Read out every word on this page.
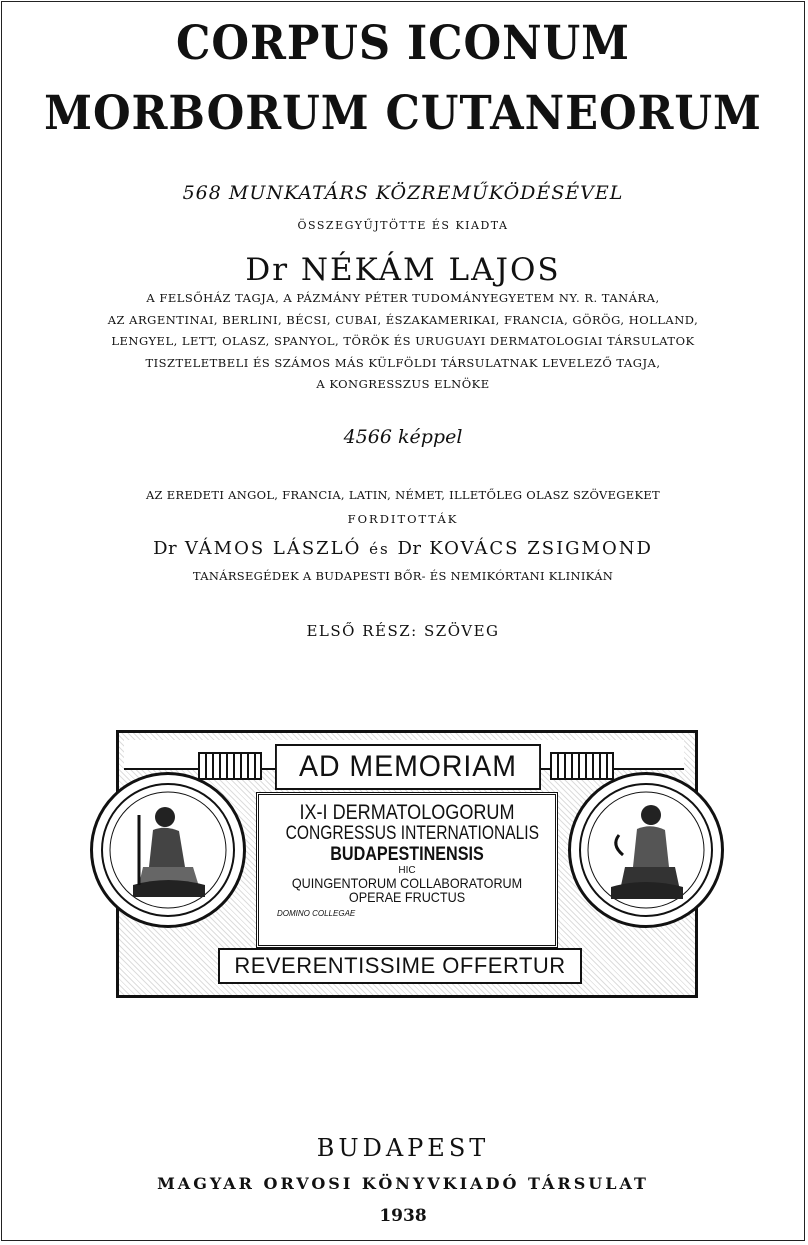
CORPUS ICONUM
MORBORUM CUTANEORUM
568 MUNKATÁRS KÖZREMŰKÖDÉSÉVEL
ÖSSZEGYŰJTÖTTE ÉS KIADTA
Dr NÉKÁM LAJOS
A FELSŐHÁZ TAGJA, A PÁZMÁNY PÉTER TUDOMÁNYEGYETEM NY. R. TANÁRA,
AZ ARGENTINAI, BERLINI, BÉCSI, CUBAI, ÉSZAKAMERIKAI, FRANCIA, GÖRÖG, HOLLAND,
LENGYEL, LETT, OLASZ, SPANYOL, TÖRÖK ÉS URUGUAYI DERMATOLOGIAI TÁRSULATOK
TISZTELETBELI ÉS SZÁMOS MÁS KÜLFÖLDI TÁRSULATNAK LEVELEZŐ TAGJA,
A KONGRESSZUS ELNÖKE
4566 képpel
AZ EREDETI ANGOL, FRANCIA, LATIN, NÉMET, ILLETŐLEG OLASZ SZÖVEGEKET
FORDITOTTÁK
Dr VÁMOS LÁSZLÓ és Dr KOVÁCS ZSIGMOND
TANÁRSEGÉDEK A BUDAPESTI BŐR- ÉS NEMIKÓRTANI KLINIKÁN
ELSŐ RÉSZ: SZÖVEG
AD MEMORIAM
IX-I DERMATOLOGORUM
CONGRESSUS INTERNATIONALIS
BUDAPESTINENSIS
HIC
QUINGENTORUM COLLABORATORUM
OPERAE FRUCTUS
DOMINO COLLEGAE
REVERENTISSIME OFFERTUR
BUDAPEST
MAGYAR ORVOSI KÖNYVKIADÓ TÁRSULAT
1938
